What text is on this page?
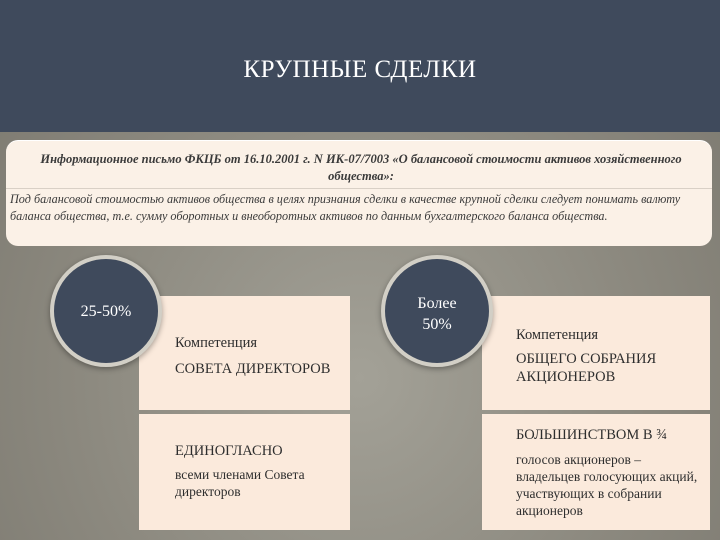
КРУПНЫЕ СДЕЛКИ
Информационное письмо ФКЦБ от 16.10.2001 г. N ИК-07/7003 «О балансовой стоимости активов хозяйственного общества»:
Под балансовой стоимостью активов общества в целях признания сделки в качестве крупной сделки следует понимать валюту баланса общества, т.е. сумму оборотных и внеоборотных активов по данным бухгалтерского баланса общества.
Компетенция
СОВЕТА ДИРЕКТОРОВ
ЕДИНОГЛАСНО
всеми членами Совета директоров
Компетенция
ОБЩЕГО СОБРАНИЯ АКЦИОНЕРОВ
БОЛЬШИНСТВОМ В ¾
голосов акционеров – владельцев голосующих акций, участвующих в собрании акционеров
25-50%	Более 50%
